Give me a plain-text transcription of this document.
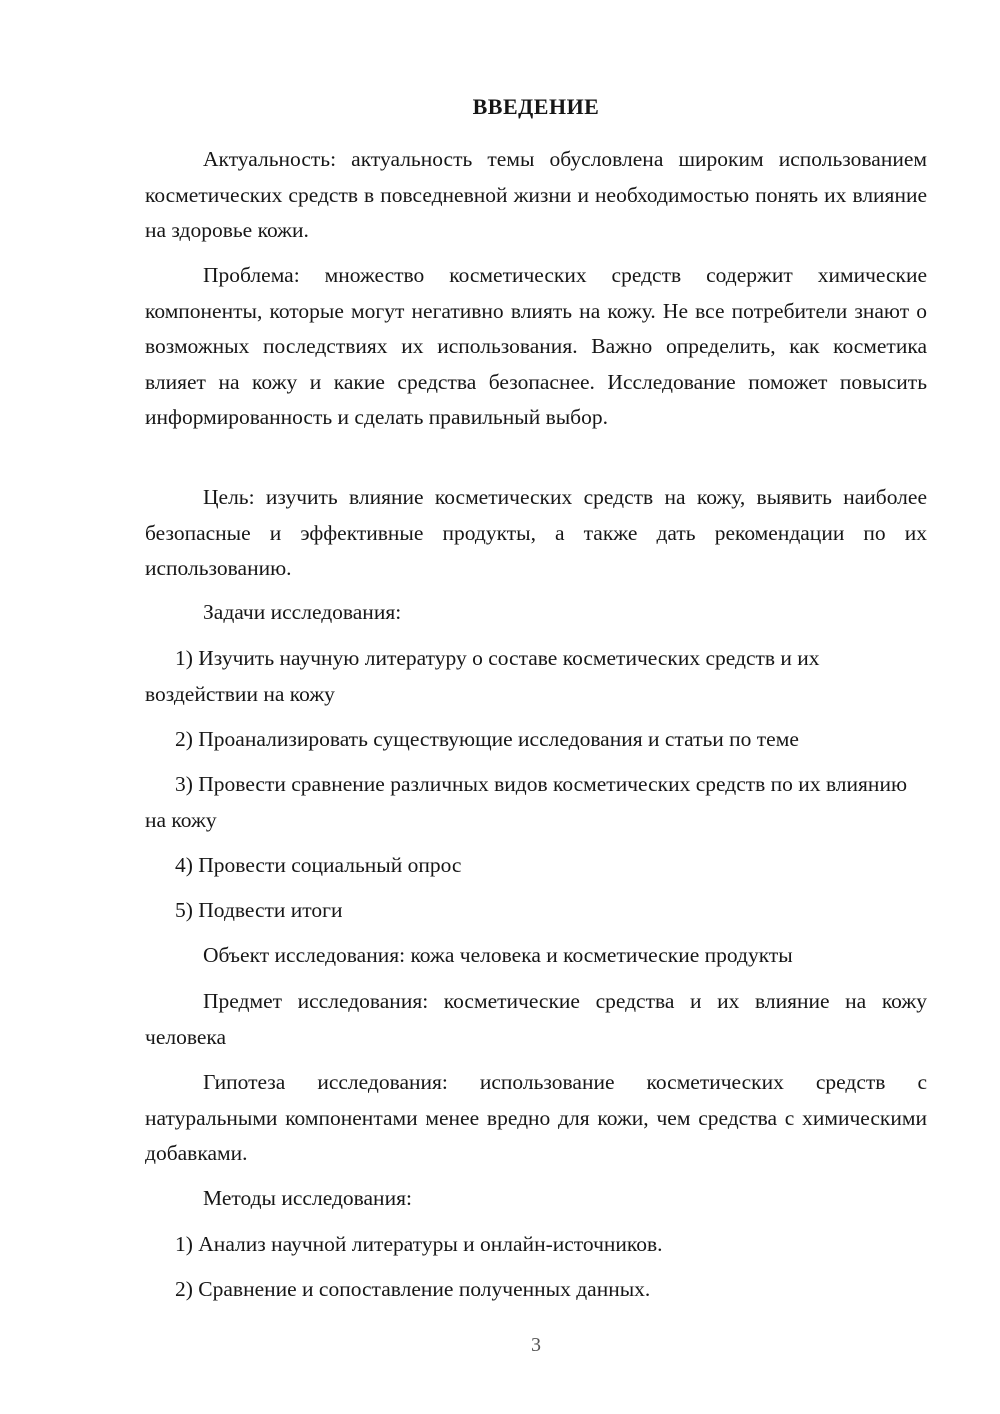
ВВЕДЕНИЕ

Актуальность: актуальность темы обусловлена широким использованием косметических средств в повседневной жизни и необходимостью понять их влияние на здоровье кожи.

Проблема: множество косметических средств содержит химические компоненты, которые могут негативно влиять на кожу. Не все потребители знают о возможных последствиях их использования. Важно определить, как косметика влияет на кожу и какие средства безопаснее. Исследование поможет повысить информированность и сделать правильный выбор.

Цель: изучить влияние косметических средств на кожу, выявить наиболее безопасные и эффективные продукты, а также дать рекомендации по их использованию.

Задачи исследования:

1) Изучить научную литературу о составе косметических средств и их воздействии на кожу

2) Проанализировать существующие исследования и статьи по теме

3) Провести сравнение различных видов косметических средств по их влиянию на кожу

4) Провести социальный опрос

5) Подвести итоги

Объект исследования: кожа человека и косметические продукты

Предмет исследования: косметические средства и их влияние на кожу человека

Гипотеза исследования: использование косметических средств с натуральными компонентами менее вредно для кожи, чем средства с химическими добавками.

Методы исследования:

1) Анализ научной литературы и онлайн-источников.

2) Сравнение и сопоставление полученных данных.

3
